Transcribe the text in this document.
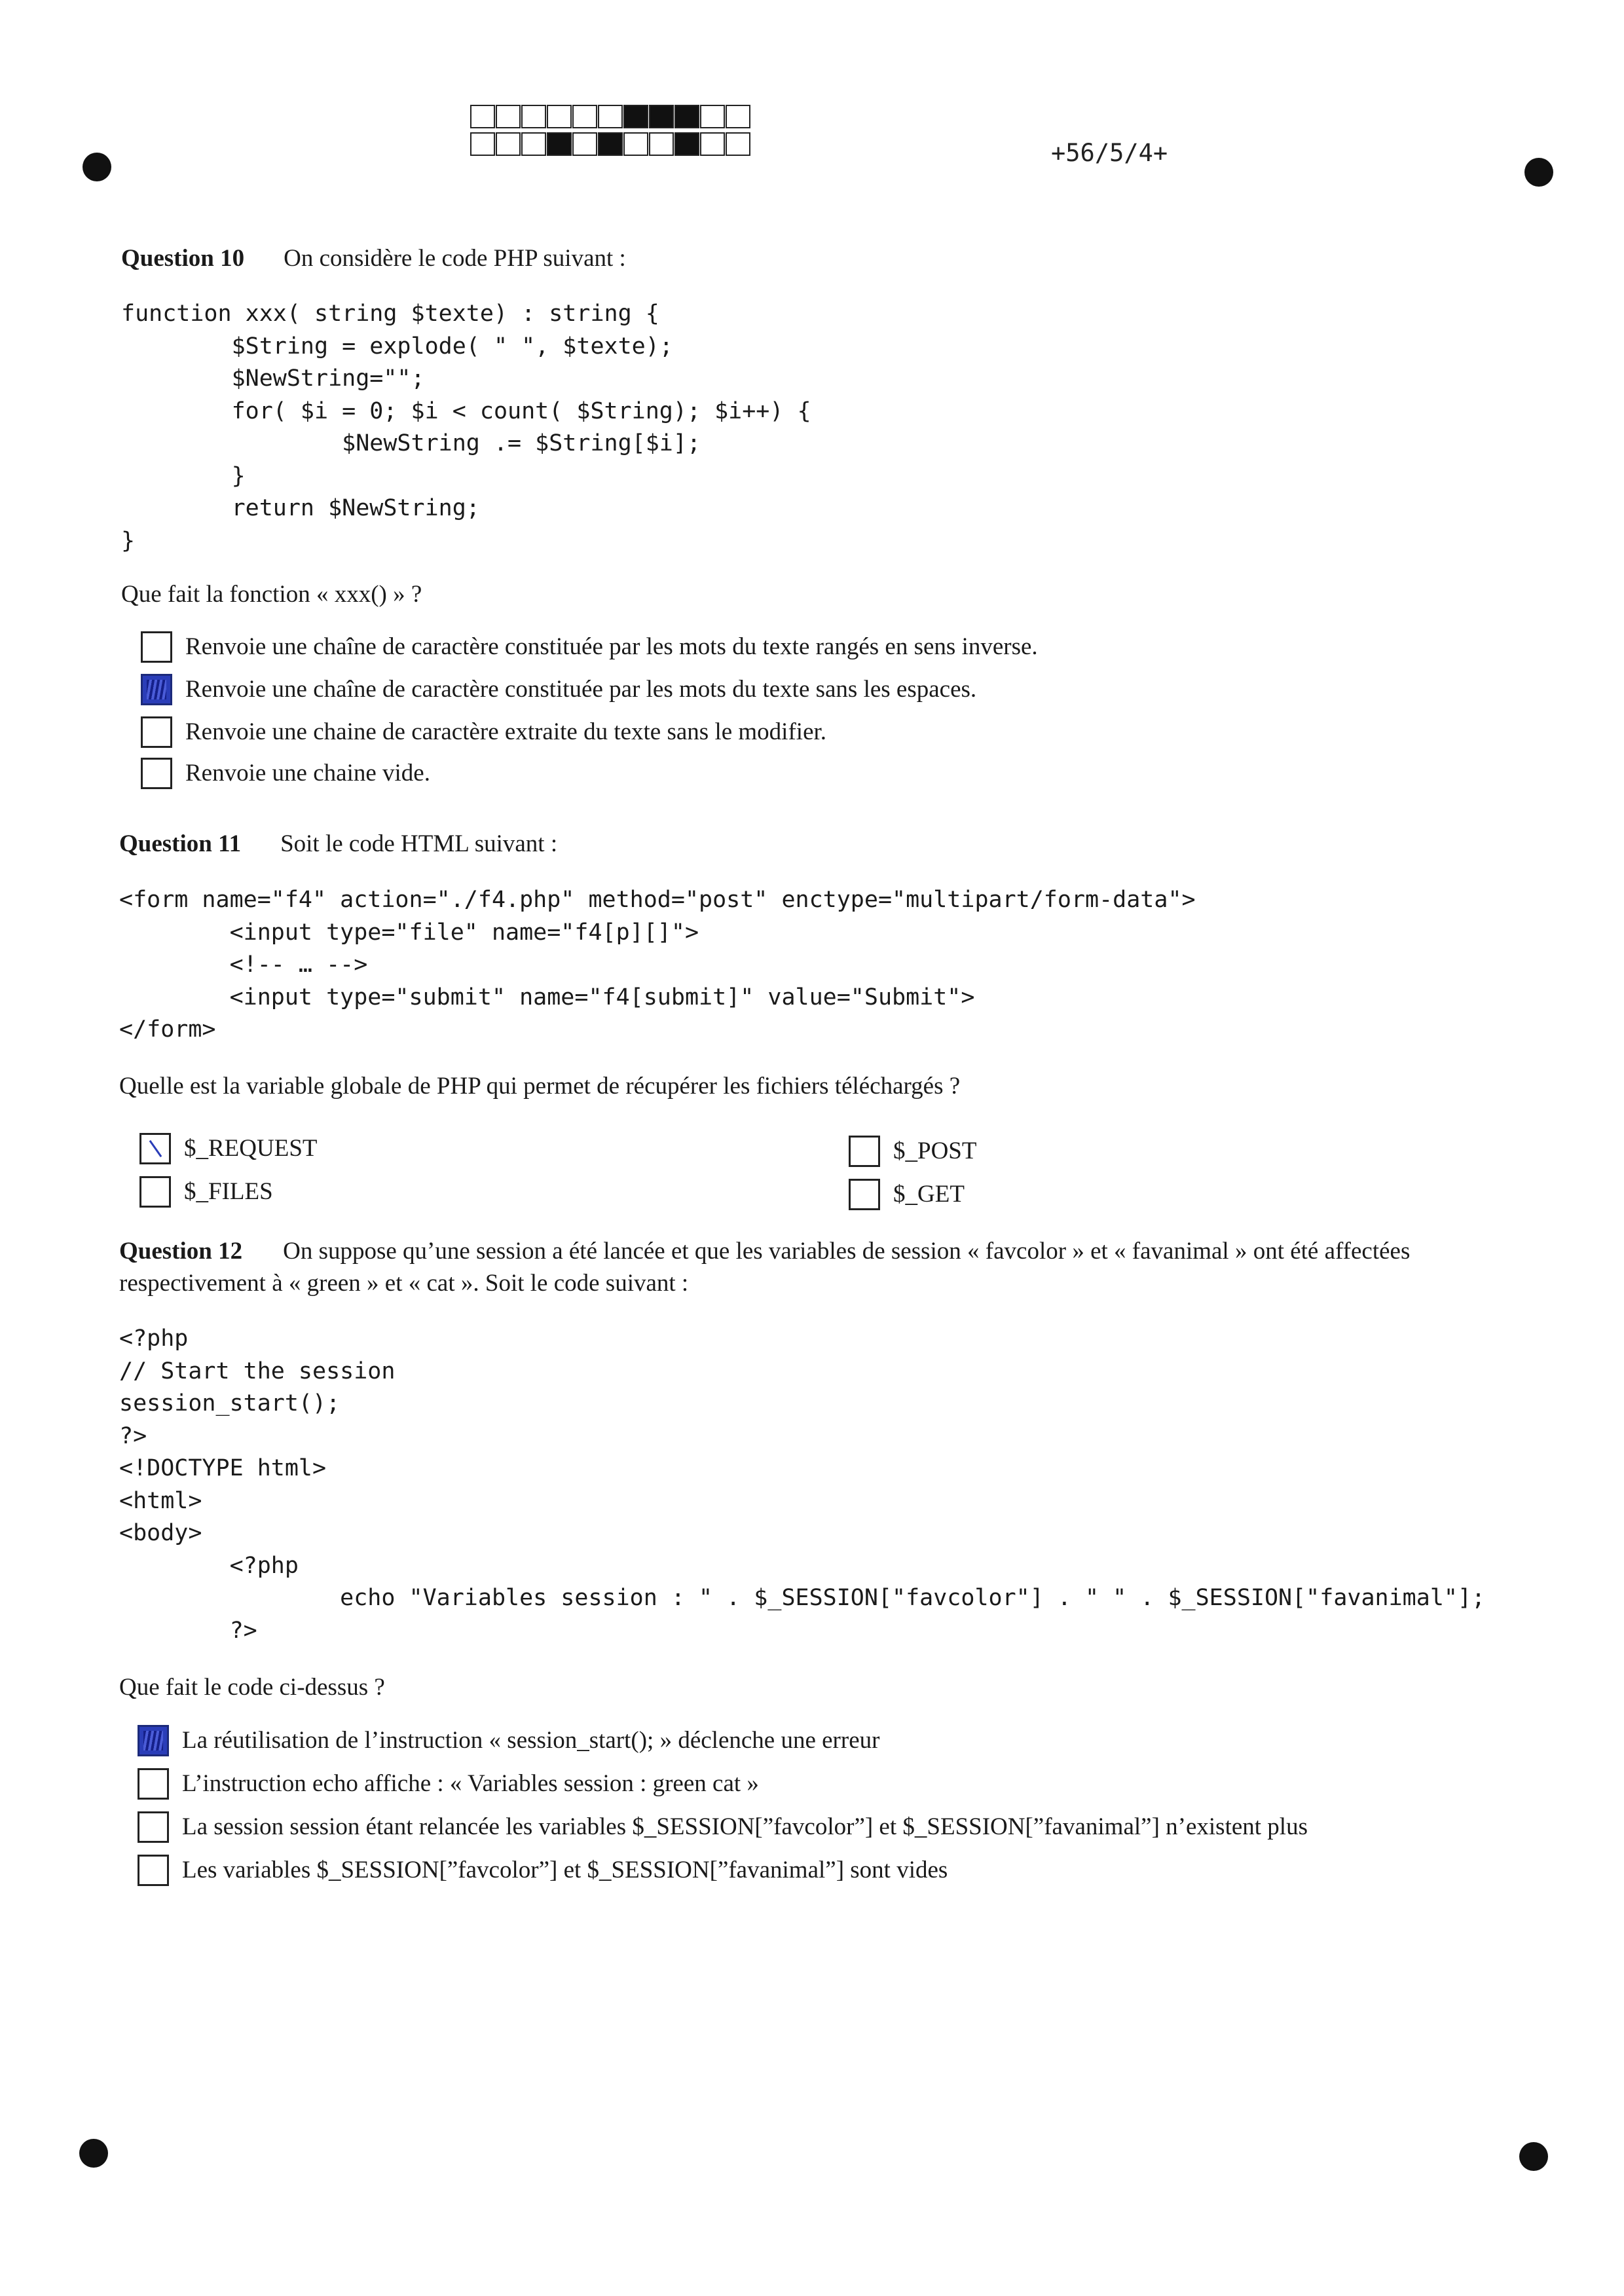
+56/5/4+
Question 10 On considère le code PHP suivant :
function xxx( string $texte) : string {
$String = explode( " ", $texte);
$NewString="";
for( $i = 0; $i < count( $String); $i++) {
$NewString .= $String[$i];
}
return $NewString;
}
Que fait la fonction « xxx() » ?
Renvoie une chaîne de caractère constituée par les mots du texte rangés en sens inverse.
Renvoie une chaîne de caractère constituée par les mots du texte sans les espaces.
Renvoie une chaine de caractère extraite du texte sans le modifier.
Renvoie une chaine vide.
Question 11 Soit le code HTML suivant :
<form name="f4" action="./f4.php" method="post" enctype="multipart/form-data">
<input type="file" name="f4[p][]">
<!-- … -->
<input type="submit" name="f4[submit]" value="Submit">
</form>
Quelle est la variable globale de PHP qui permet de récupérer les fichiers téléchargés ?
$_REQUEST
$_FILES
$_POST
$_GET
Question 12 On suppose qu’une session a été lancée et que les variables de session « favcolor » et « favanimal » ont été affectées respectivement à « green » et « cat ». Soit le code suivant :
<?php
// Start the session
session_start();
?>
<!DOCTYPE html>
<html>
<body>
<?php
echo "Variables session : " . $_SESSION["favcolor"] . " " . $_SESSION["favanimal"];
?>
Que fait le code ci-dessus ?
La réutilisation de l’instruction « session_start(); » déclenche une erreur
L’instruction echo affiche : « Variables session : green cat »
La session session étant relancée les variables $_SESSION[”favcolor”] et $_SESSION[”favanimal”] n’existent plus
Les variables $_SESSION[”favcolor”] et $_SESSION[”favanimal”] sont vides
